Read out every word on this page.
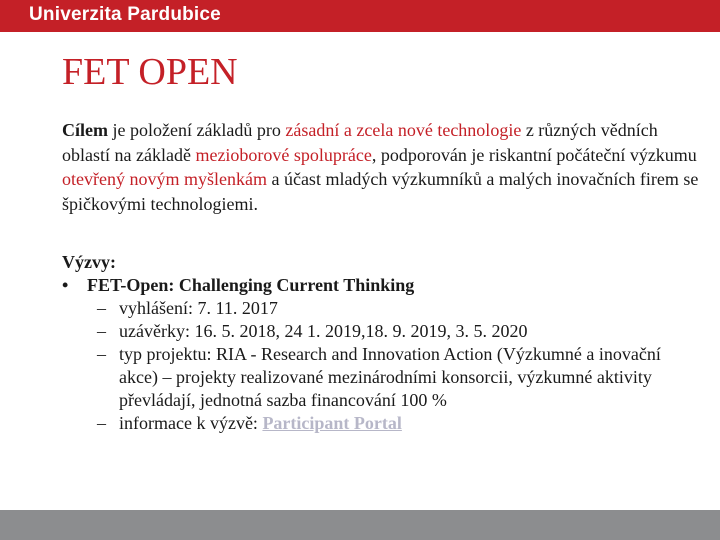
Univerzita Pardubice
FET OPEN

Cílem je položení základů pro zásadní a zcela nové technologie z různých vědních oblastí na základě mezioborové spolupráce, podporován je riskantní počáteční výzkumu otevřený novým myšlenkám a účast mladých výzkumníků a malých inovačních firem se špičkovými technologiemi.

Výzvy:
• FET-Open: Challenging Current Thinking
– vyhlášení: 7. 11. 2017
– uzávěrky: 16. 5. 2018, 24 1. 2019,18. 9. 2019, 3. 5. 2020
– typ projektu: RIA - Research and Innovation Action (Výzkumné a inovační akce) – projekty realizované mezinárodními konsorcii, výzkumné aktivity převládají, jednotná sazba financování 100 %
– informace k výzvě: Participant Portal
